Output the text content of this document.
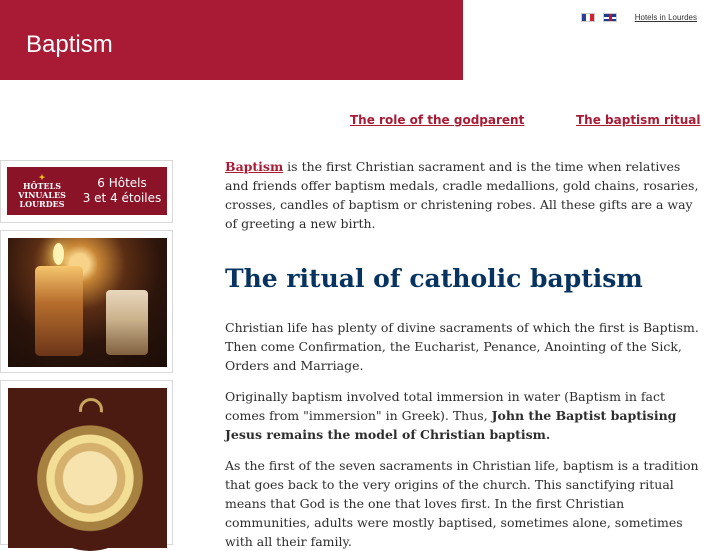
Baptism
Hotels in Lourdes
The role of the godparent	The baptism ritual
✦
HÔTELS
VINUALES
LOURDES
6 Hôtels
3 et 4 étoiles

Baptism is the first Christian sacrament and is the time when relatives and friends offer baptism medals, cradle medallions, gold chains, rosaries, crosses, candles of baptism or christening robes. All these gifts are a way of greeting a new birth.

The ritual of catholic baptism

Christian life has plenty of divine sacraments of which the first is Baptism. Then come Confirmation, the Eucharist, Penance, Anointing of the Sick, Orders and Marriage.

Originally baptism involved total immersion in water (Baptism in fact comes from "immersion" in Greek). Thus, John the Baptist baptising Jesus remains the model of Christian baptism.

As the first of the seven sacraments in Christian life, baptism is a tradition that goes back to the very origins of the church. This sanctifying ritual means that God is the one that loves first. In the first Christian communities, adults were mostly baptised, sometimes alone, sometimes with all their family.
